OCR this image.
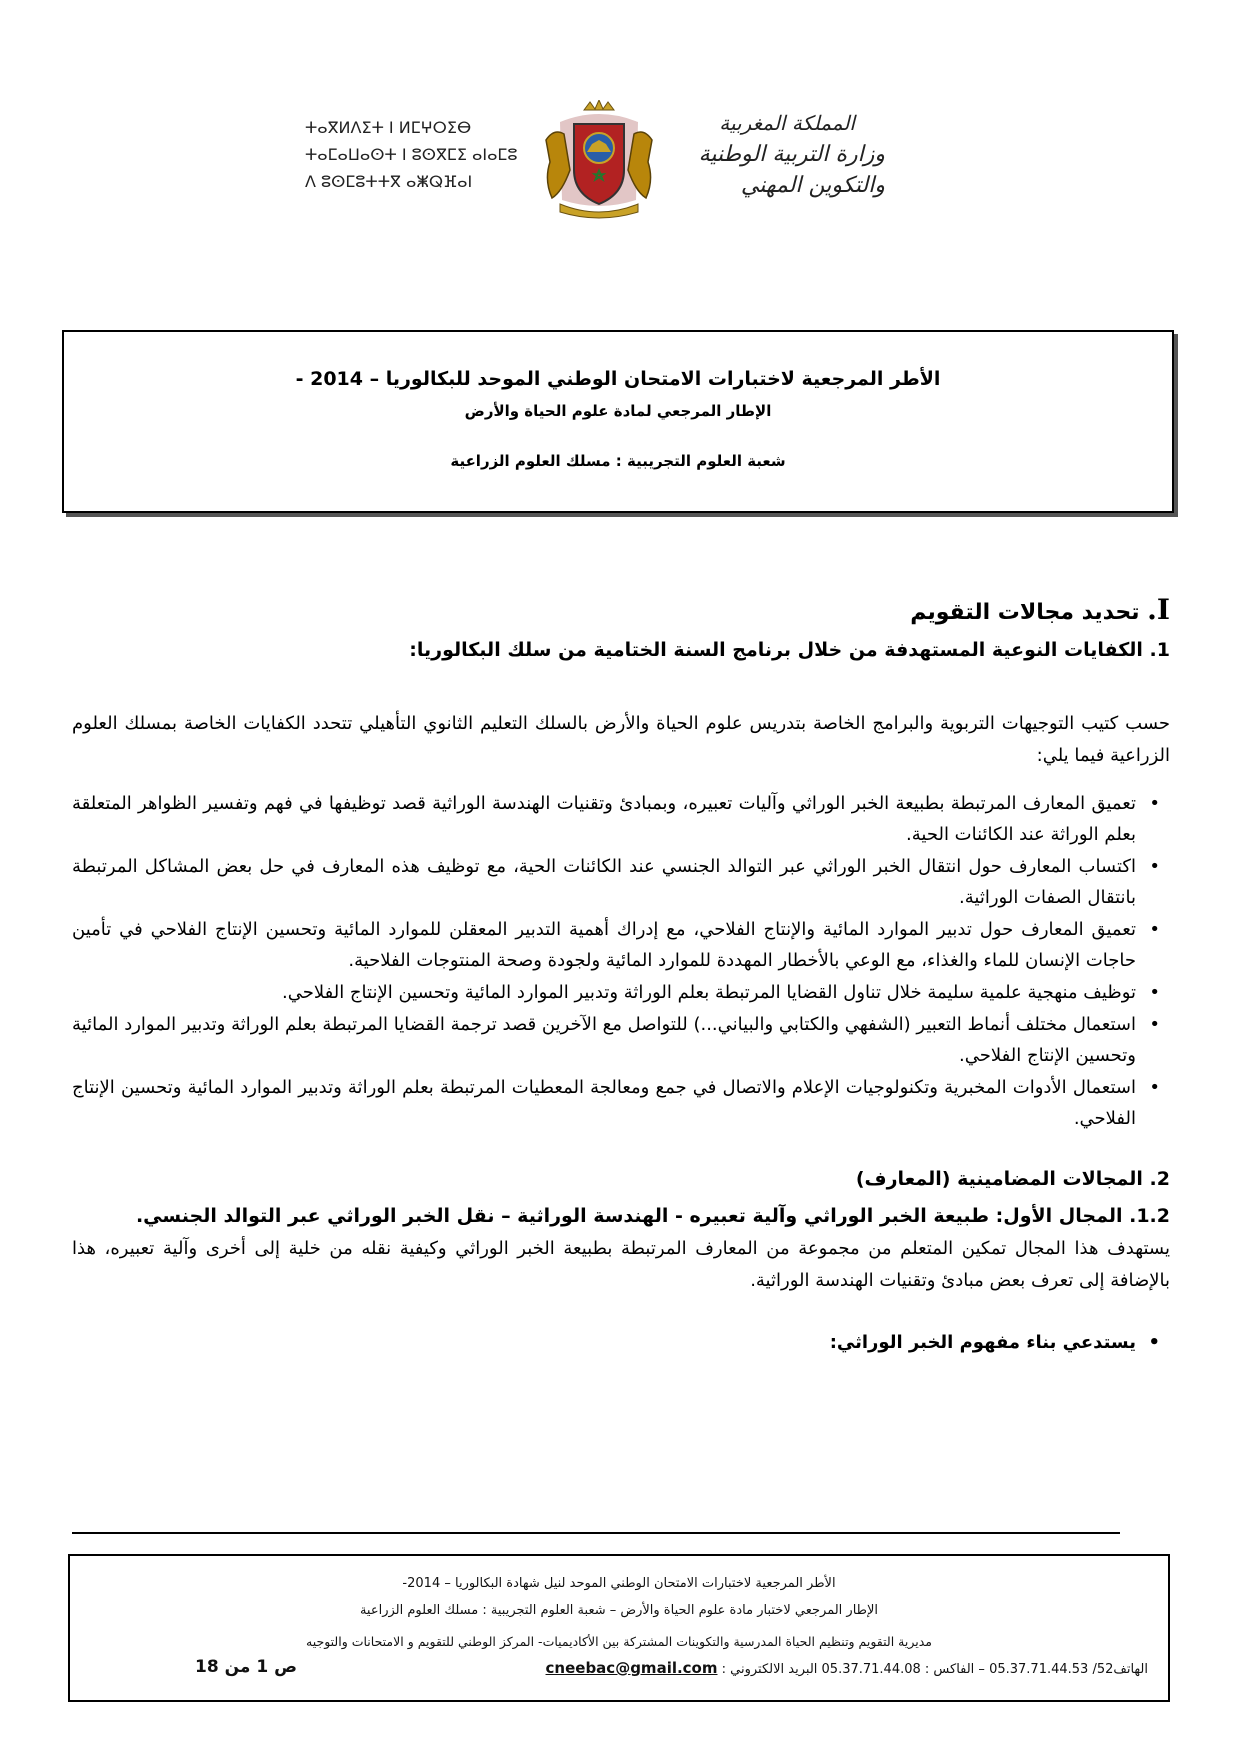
ⵜⴰⴳⵍⴷⵉⵜ ⵏ ⵍⵎⵖⵔⵉⴱ
ⵜⴰⵎⴰⵡⴰⵙⵜ ⵏ ⵓⵙⴳⵎⵉ ⴰⵏⴰⵎⵓ
ⴷ ⵓⵙⵎⵓⵜⵜⴳ ⴰⵥⵕⴼⴰⵏ
المملكة المغربية
وزارة التربية الوطنية
والتكوين المهني
الأطر المرجعية لاختبارات الامتحان الوطني الموحد للبكالوريا – 2014 -
الإطار المرجعي لمادة علوم الحياة والأرض
شعبة العلوم التجريبية : مسلك العلوم الزراعية
I. تحديد مجالات التقويم
1. الكفايات النوعية المستهدفة من خلال برنامج السنة الختامية من سلك البكالوريا:

حسب كتيب التوجيهات التربوية والبرامج الخاصة بتدريس علوم الحياة والأرض بالسلك التعليم الثانوي التأهيلي تتحدد الكفايات الخاصة بمسلك العلوم الزراعية فيما يلي:

• تعميق المعارف المرتبطة بطبيعة الخبر الوراثي وآليات تعبيره، وبمبادئ وتقنيات الهندسة الوراثية قصد توظيفها في فهم وتفسير الظواهر المتعلقة بعلم الوراثة عند الكائنات الحية.
• اكتساب المعارف حول انتقال الخبر الوراثي عبر التوالد الجنسي عند الكائنات الحية، مع توظيف هذه المعارف في حل بعض المشاكل المرتبطة بانتقال الصفات الوراثية.
• تعميق المعارف حول تدبير الموارد المائية والإنتاج الفلاحي، مع إدراك أهمية التدبير المعقلن للموارد المائية وتحسين الإنتاج الفلاحي في تأمين حاجات الإنسان للماء والغذاء، مع الوعي بالأخطار المهددة للموارد المائية ولجودة وصحة المنتوجات الفلاحية.
• توظيف منهجية علمية سليمة خلال تناول القضايا المرتبطة بعلم الوراثة وتدبير الموارد المائية وتحسين الإنتاج الفلاحي.
• استعمال مختلف أنماط التعبير (الشفهي والكتابي والبياني...) للتواصل مع الآخرين قصد ترجمة القضايا المرتبطة بعلم الوراثة وتدبير الموارد المائية وتحسين الإنتاج الفلاحي.
• استعمال الأدوات المخبرية وتكنولوجيات الإعلام والاتصال في جمع ومعالجة المعطيات المرتبطة بعلم الوراثة وتدبير الموارد المائية وتحسين الإنتاج الفلاحي.
2. المجالات المضامينية (المعارف)
1.2. المجال الأول: طبيعة الخبر الوراثي وآلية تعبيره - الهندسة الوراثية – نقل الخبر الوراثي عبر التوالد الجنسي.

يستهدف هذا المجال تمكين المتعلم من مجموعة من المعارف المرتبطة بطبيعة الخبر الوراثي وكيفية نقله من خلية إلى أخرى وآلية تعبيره، هذا بالإضافة إلى تعرف بعض مبادئ وتقنيات الهندسة الوراثية.

• يستدعي بناء مفهوم الخبر الوراثي:
الأطر المرجعية لاختبارات الامتحان الوطني الموحد لنيل شهادة البكالوريا – 2014-
الإطار المرجعي لاختبار مادة علوم الحياة والأرض – شعبة العلوم التجريبية : مسلك العلوم الزراعية
مديرية التقويم وتنظيم الحياة المدرسية والتكوينات المشتركة بين الأكاديميات- المركز الوطني للتقويم و الامتحانات والتوجيه
الهاتف52/ 05.37.71.44.53 – الفاكس : 05.37.71.44.08 البريد الالكتروني : cneebac@gmail.com
ص 1 من 18
